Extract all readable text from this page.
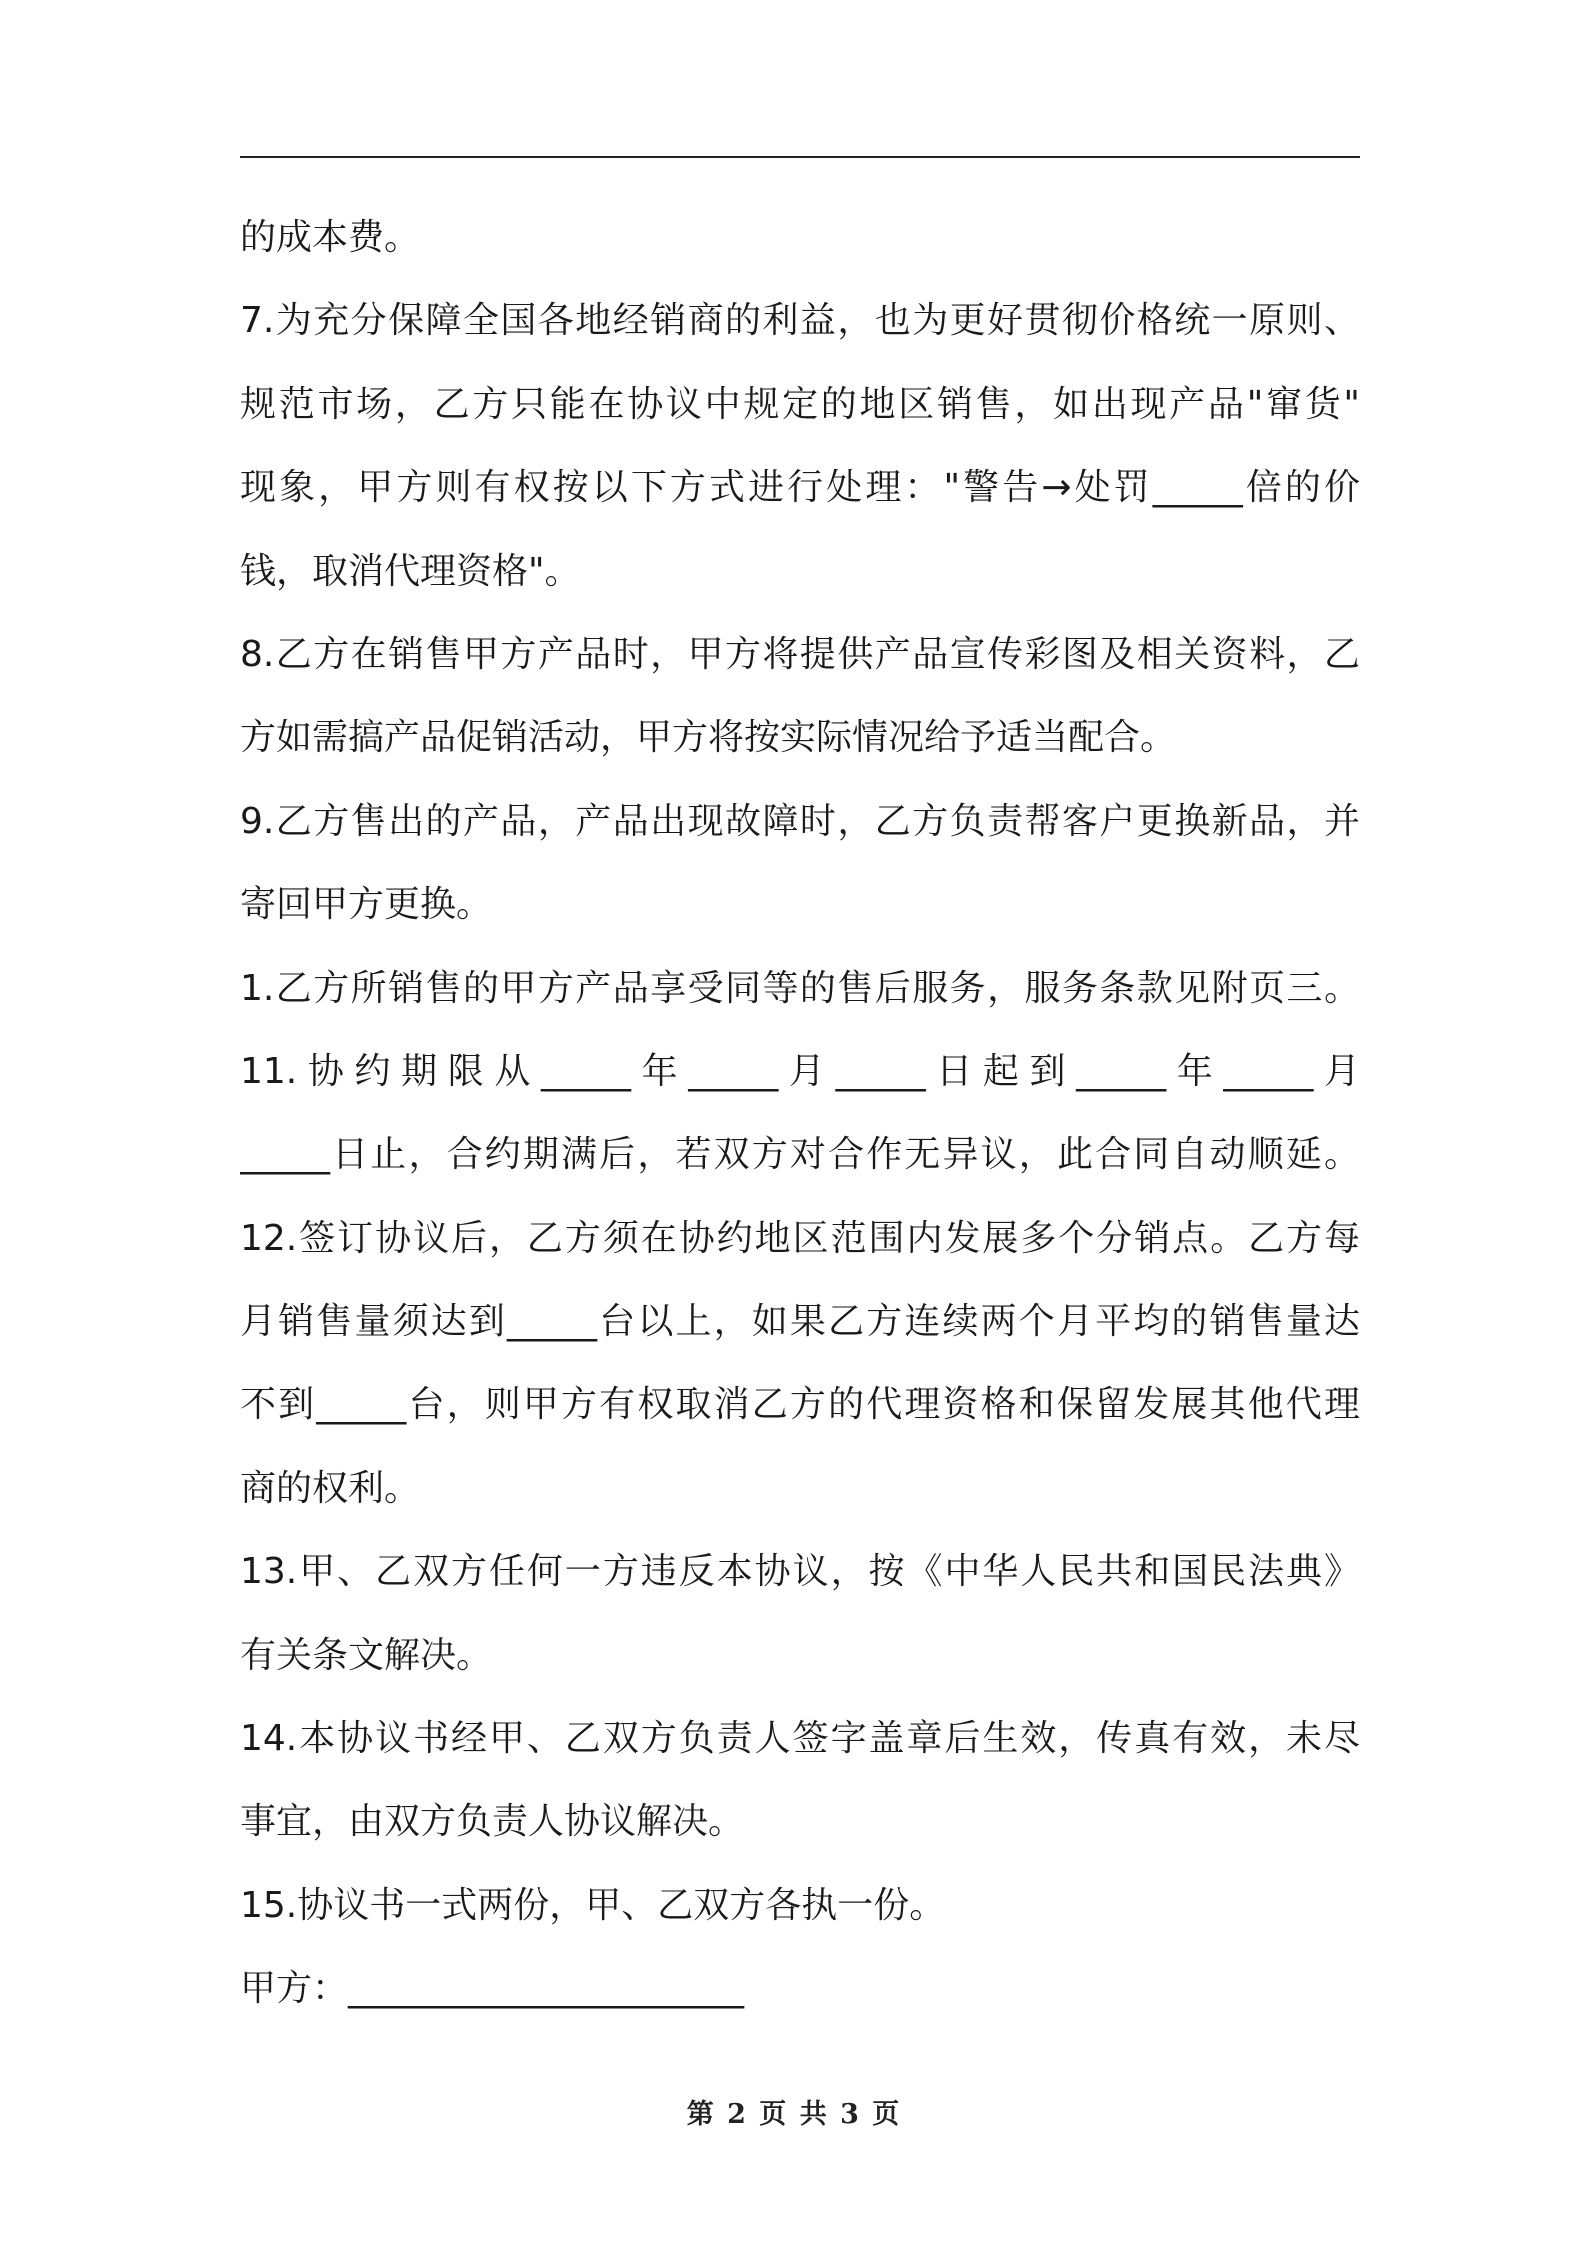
的成本费。
7.为充分保障全国各地经销商的利益，也为更好贯彻价格统一原则、
规范市场，乙方只能在协议中规定的地区销售，如出现产品"窜货"
现象，甲方则有权按以下方式进行处理："警告→处罚_____倍的价
钱，取消代理资格"。
8.乙方在销售甲方产品时，甲方将提供产品宣传彩图及相关资料，乙
方如需搞产品促销活动，甲方将按实际情况给予适当配合。
9.乙方售出的产品，产品出现故障时，乙方负责帮客户更换新品，并
寄回甲方更换。
1.乙方所销售的甲方产品享受同等的售后服务，服务条款见附页三。
11.协约期限从_____年_____月_____日起到_____年_____月
_____日止，合约期满后，若双方对合作无异议，此合同自动顺延。
12.签订协议后，乙方须在协约地区范围内发展多个分销点。乙方每
月销售量须达到_____台以上，如果乙方连续两个月平均的销售量达
不到_____台，则甲方有权取消乙方的代理资格和保留发展其他代理
商的权利。
13.甲、乙双方任何一方违反本协议，按《中华人民共和国民法典》
有关条文解决。
14.本协议书经甲、乙双方负责人签字盖章后生效，传真有效，未尽
事宜，由双方负责人协议解决。
15.协议书一式两份，甲、乙双方各执一份。
甲方：______________________
第 2 页 共 3 页
